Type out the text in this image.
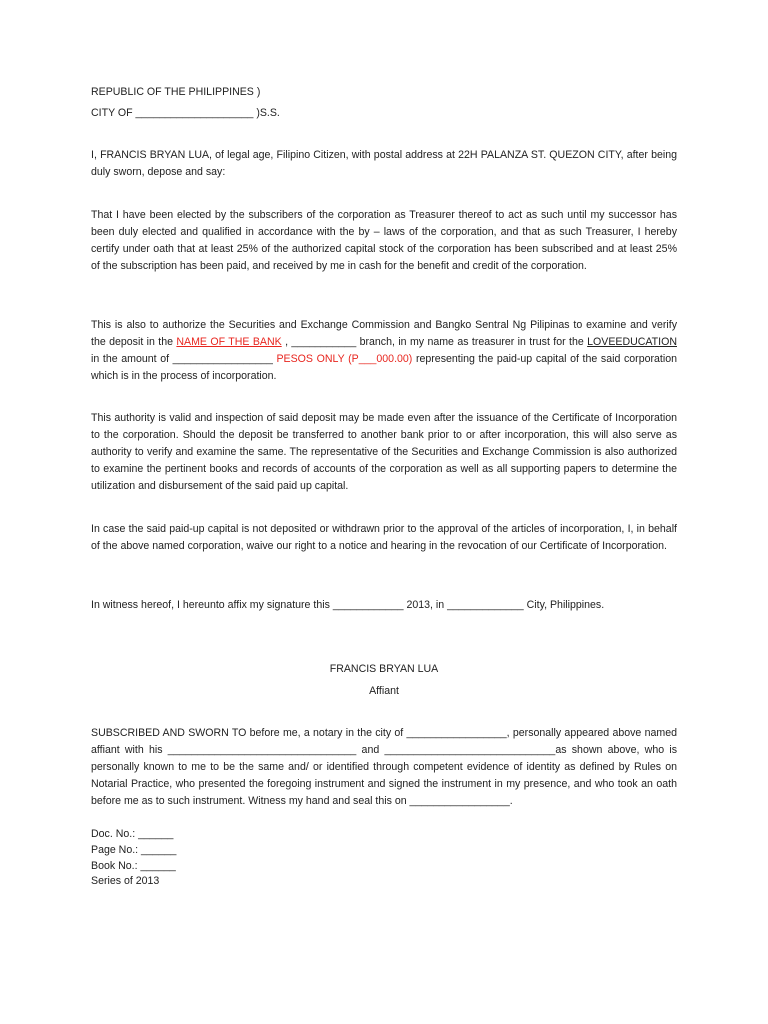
REPUBLIC OF THE PHILIPPINES )

CITY OF ____________________ )S.S.

I, FRANCIS BRYAN LUA, of legal age, Filipino Citizen, with postal address at 22H PALANZA ST. QUEZON CITY, after being duly sworn, depose and say:

That I have been elected by the subscribers of the corporation as Treasurer thereof to act as such until my successor has been duly elected and qualified in accordance with the by – laws of the corporation, and that as such Treasurer, I hereby certify under oath that at least 25% of the authorized capital stock of the corporation has been subscribed and at least 25% of the subscription has been paid, and received by me in cash for the benefit and credit of the corporation.

This is also to authorize the Securities and Exchange Commission and Bangko Sentral Ng Pilipinas to examine and verify the deposit in the NAME OF THE BANK , ___________ branch, in my name as treasurer in trust for the LOVEEDUCATION in the amount of _________________ PESOS ONLY (P___000.00) representing the paid-up capital of the said corporation which is in the process of incorporation.

This authority is valid and inspection of said deposit may be made even after the issuance of the Certificate of Incorporation to the corporation. Should the deposit be transferred to another bank prior to or after incorporation, this will also serve as authority to verify and examine the same. The representative of the Securities and Exchange Commission is also authorized to examine the pertinent books and records of accounts of the corporation as well as all supporting papers to determine the utilization and disbursement of the said paid up capital.

In case the said paid-up capital is not deposited or withdrawn prior to the approval of the articles of incorporation, I, in behalf of the above named corporation, waive our right to a notice and hearing in the revocation of our Certificate of Incorporation.

In witness hereof, I hereunto affix my signature this ____________ 2013, in _____________ City, Philippines.

FRANCIS BRYAN LUA

Affiant

SUBSCRIBED AND SWORN TO before me, a notary in the city of _________________, personally appeared above named affiant with his ________________________________ and _____________________________as shown above, who is personally known to me to be the same and/ or identified through competent evidence of identity as defined by Rules on Notarial Practice, who presented the foregoing instrument and signed the instrument in my presence, and who took an oath before me as to such instrument. Witness my hand and seal this on _________________.

Doc. No.: ______

Page No.: ______

Book No.: ______

Series of 2013
